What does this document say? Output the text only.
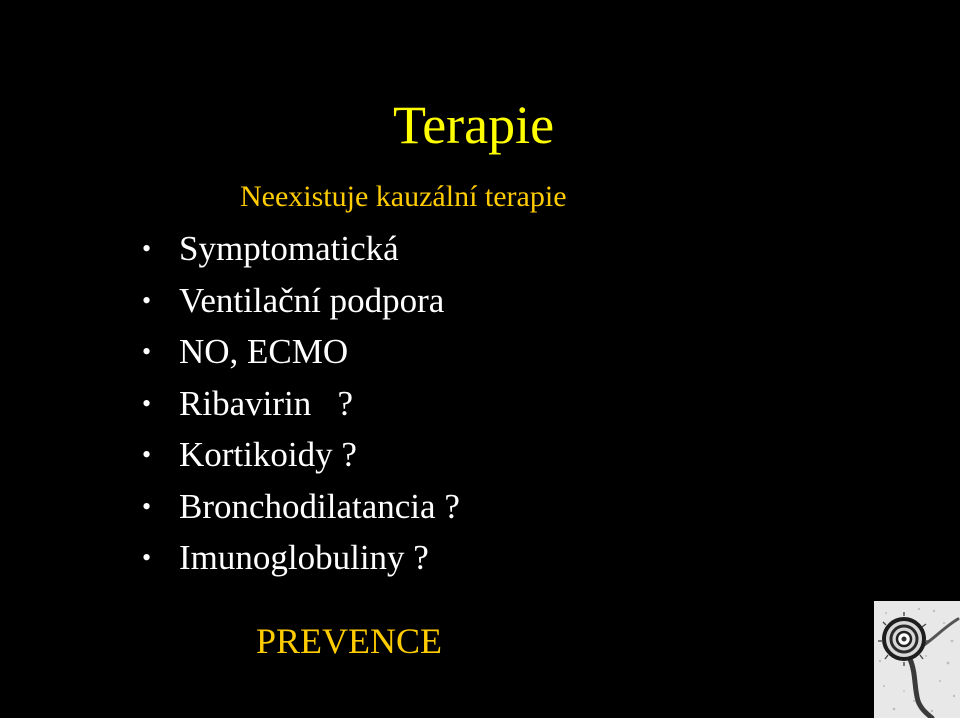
Terapie
Neexistuje kauzální terapie
• Symptomatická
• Ventilační podpora
• NO, ECMO
• Ribavirin   ?
• Kortikoidy ?
• Bronchodilatancia ?
• Imunoglobuliny ?
PREVENCE
